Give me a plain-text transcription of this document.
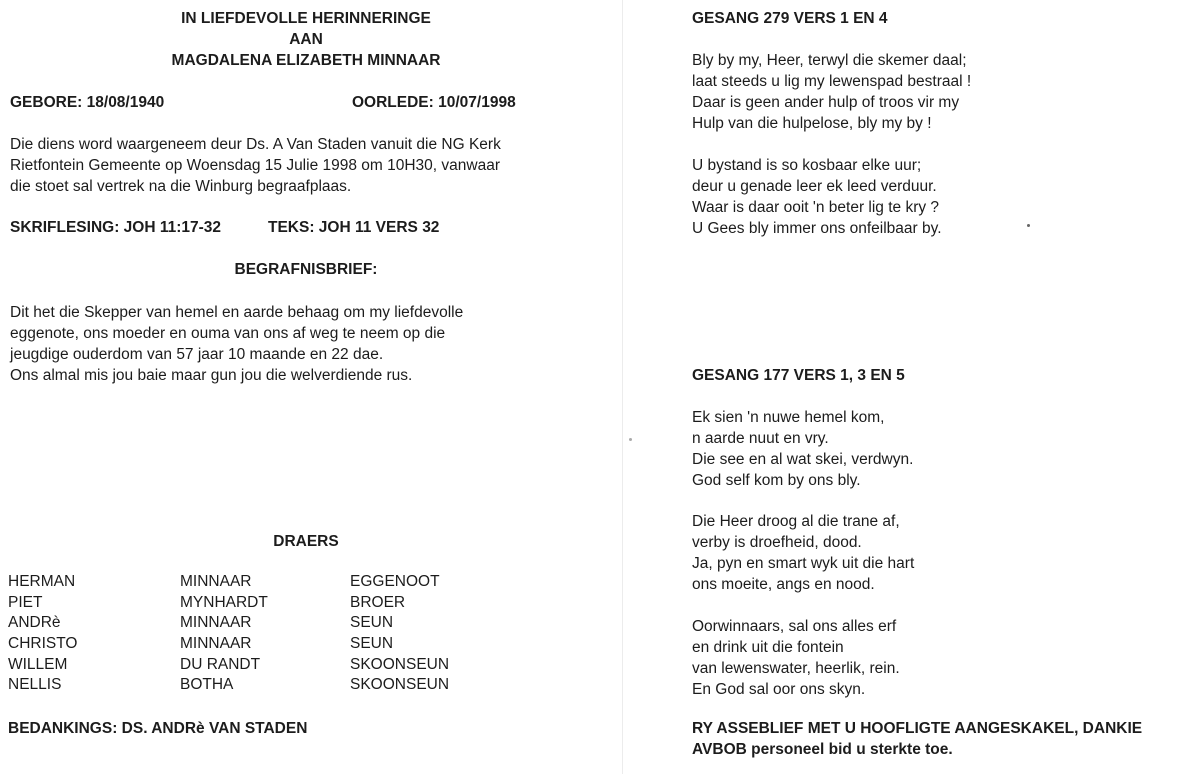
IN LIEFDEVOLLE HERINNERINGE
AAN
MAGDALENA ELIZABETH MINNAAR
GEBORE: 18/08/1940	OORLEDE: 10/07/1998
Die diens word waargeneem deur Ds. A Van Staden vanuit die NG Kerk
Rietfontein Gemeente op Woensdag 15 Julie 1998 om 10H30, vanwaar
die stoet sal vertrek na die Winburg begraafplaas.
SKRIFLESING: JOH 11:17-32	TEKS: JOH 11 VERS 32
BEGRAFNISBRIEF:
Dit het die Skepper van hemel en aarde behaag om my liefdevolle
eggenote, ons moeder en ouma van ons af weg te neem op die
jeugdige ouderdom van 57 jaar 10 maande en 22 dae.
Ons almal mis jou baie maar gun jou die welverdiende rus.
DRAERS
HERMAN	MINNAAR	EGGENOOT
PIET	MYNHARDT	BROER
ANDRè	MINNAAR	SEUN
CHRISTO	MINNAAR	SEUN
WILLEM	DU RANDT	SKOONSEUN
NELLIS	BOTHA	SKOONSEUN
BEDANKINGS: DS. ANDRè VAN STADEN
GESANG 279 VERS 1 EN 4
Bly by my, Heer, terwyl die skemer daal;
laat steeds u lig my lewenspad bestraal !
Daar is geen ander hulp of troos vir my
Hulp van die hulpelose, bly my by !
U bystand is so kosbaar elke uur;
deur u genade leer ek leed verduur.
Waar is daar ooit 'n beter lig te kry ?
U Gees bly immer ons onfeilbaar by.
GESANG 177 VERS 1, 3 EN 5
Ek sien 'n nuwe hemel kom,
n aarde nuut en vry.
Die see en al wat skei, verdwyn.
God self kom by ons bly.
Die Heer droog al die trane af,
verby is droefheid, dood.
Ja, pyn en smart wyk uit die hart
ons moeite, angs en nood.
Oorwinnaars, sal ons alles erf
en drink uit die fontein
van lewenswater, heerlik, rein.
En God sal oor ons skyn.
RY ASSEBLIEF MET U HOOFLIGTE AANGESKAKEL, DANKIE
AVBOB personeel bid u sterkte toe.
